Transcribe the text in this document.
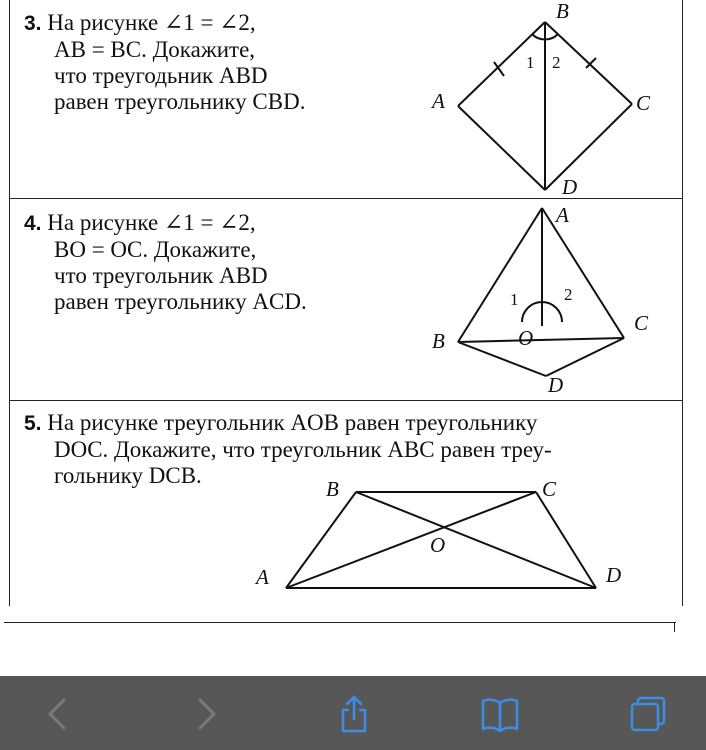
3. На рисунке ∠1 = ∠2,
AB = BC. Докажите,
что треугодьник ABD
равен треугольнику CBD.
B
A	C
D
1 2
4. На рисунке ∠1 = ∠2,
BO = OC. Докажите,
что треугольник ABD
равен треугольнику ACD.
A
B
C
D
O
1	2
5. На рисунке треугольник AOB равен треугольнику
DOC. Докажите, что треугольник ABC равен треу-
гольнику DCB.
B	C
A	D
O
